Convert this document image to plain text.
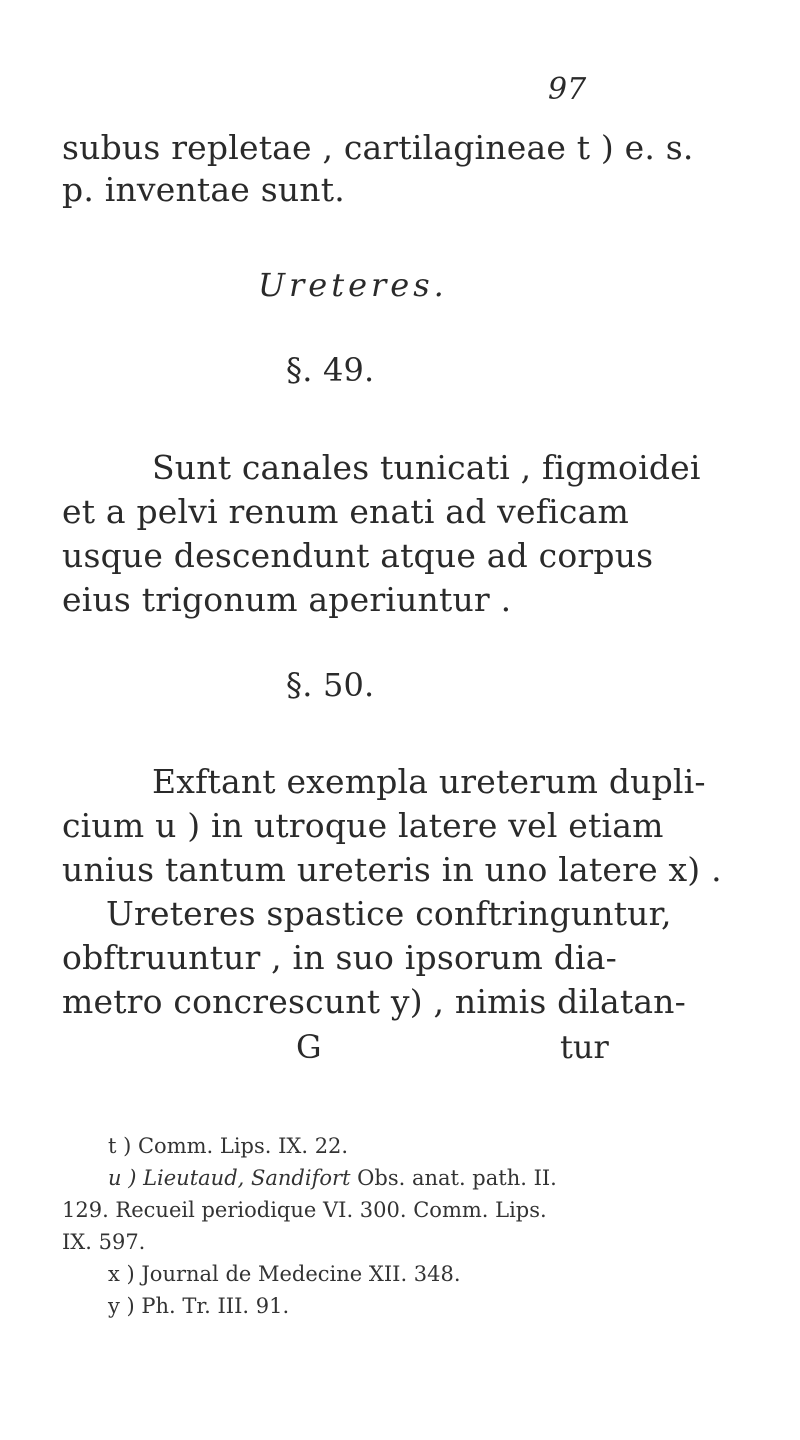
97
subus repletae , cartilagineae t ) e. s.
p. inventae sunt.
Ureteres.
§. 49.
Sunt canales tunicati , figmoidei
et a pelvi renum enati ad veficam
usque descendunt atque ad corpus
eius trigonum aperiuntur .
§. 50.
Exftant exempla ureterum dupli-
cium u ) in utroque latere vel etiam
unius tantum ureteris in uno latere x) .
Ureteres spastice conftringuntur,
obftruuntur , in suo ipsorum dia-
metro concrescunt y) , nimis dilatan-
G	tur
t ) Comm. Lips. IX. 22.
u ) Lieutaud, Sandifort Obs. anat. path. II.
129. Recueil periodique VI. 300. Comm. Lips.
IX. 597.
x ) Journal de Medecine XII. 348.
y ) Ph. Tr. III. 91.
